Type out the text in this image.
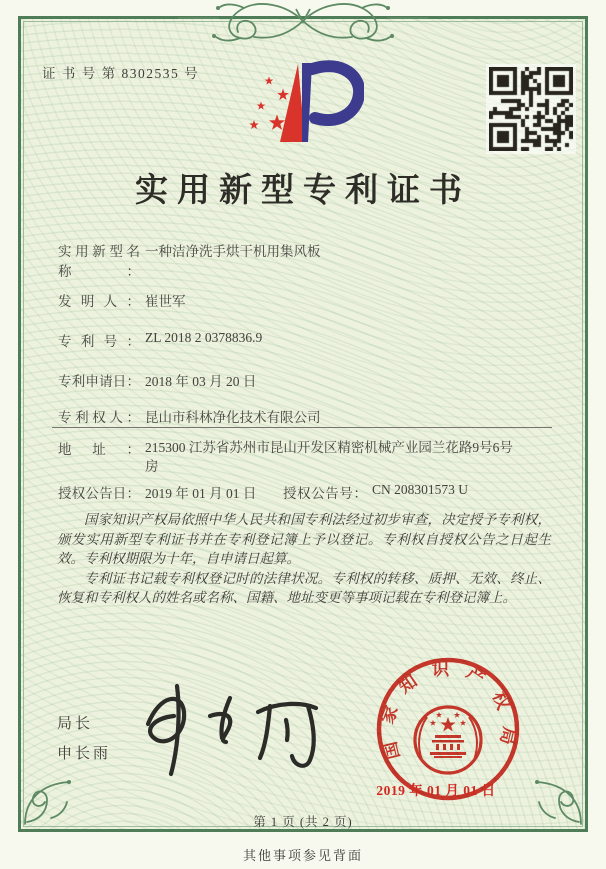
证 书 号 第 8302535 号
实用新型专利证书
实用新型名称：一种洁净洗手烘干机用集风板
发明人： 崔世军
专利号： ZL 2018 2 0378836.9
专利申请日： 2018 年 03 月 20 日
专利权人： 昆山市科林净化技术有限公司
地址： 215300 江苏省苏州市昆山开发区精密机械产业园兰花路9号6号房
授权公告日： 2019 年 01 月 01 日 授权公告号： CN 208301573 U

国家知识产权局依照中华人民共和国专利法经过初步审查，决定授予专利权，颁发实用新型专利证书并在专利登记簿上予以登记。专利权自授权公告之日起生效。专利权期限为十年，自申请日起算。

专利证书记载专利权登记时的法律状况。专利权的转移、质押、无效、终止、恢复和专利权人的姓名或名称、国籍、地址变更等事项记载在专利登记簿上。

局长
申长雨	国家知识产权局
2019 年 01 月 01 日
第 1 页 (共 2 页)
其他事项参见背面
